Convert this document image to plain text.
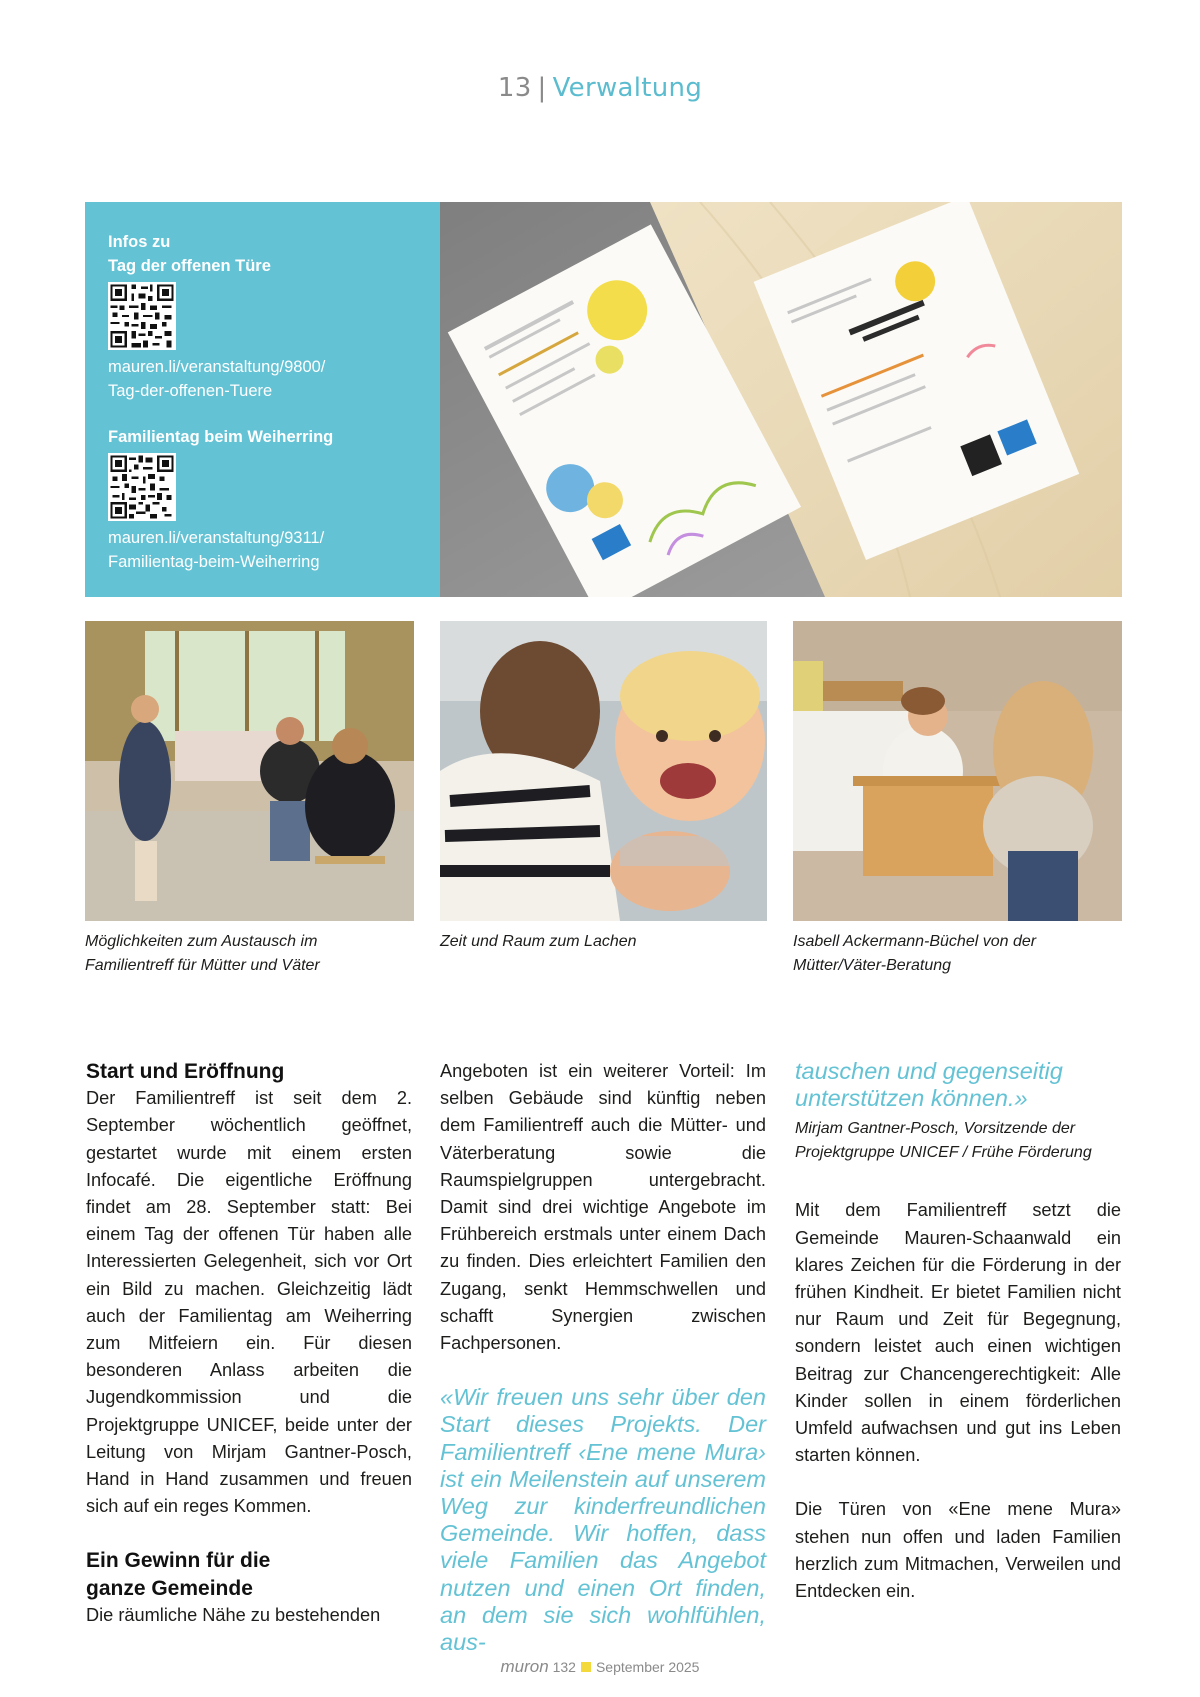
13 | Verwaltung
Infos zu
Tag der offenen Türe
mauren.li/veranstaltung/9800/
Tag-der-offenen-Tuere
Familientag beim Weiherring
mauren.li/veranstaltung/9311/
Familientag-beim-Weiherring
Möglichkeiten zum Austausch im
Familientreff für Mütter und Väter
Zeit und Raum zum Lachen	Isabell Ackermann-Büchel von der
Mütter/Väter-Beratung
Start und Eröffnung

Der Familientreff ist seit dem 2. September wöchentlich geöffnet, gestartet wurde mit einem ersten Infocafé. Die eigentliche Eröffnung findet am 28. September statt: Bei einem Tag der offenen Tür haben alle Interessierten Gelegenheit, sich vor Ort ein Bild zu machen. Gleichzeitig lädt auch der Familientag am Weiherring zum Mitfeiern ein. Für diesen besonderen Anlass arbeiten die Jugendkommission und die Projektgruppe UNICEF, beide unter der Leitung von Mirjam Gantner-Posch, Hand in Hand zusammen und freuen sich auf ein reges Kommen.

Ein Gewinn für die
ganze Gemeinde

Die räumliche Nähe zu bestehenden

Angeboten ist ein weiterer Vorteil: Im selben Gebäude sind künftig neben dem Familientreff auch die Mütter- und Väterberatung sowie die Raumspielgruppen untergebracht. Damit sind drei wichtige Angebote im Frühbereich erstmals unter einem Dach zu finden. Dies erleichtert Familien den Zugang, senkt Hemmschwellen und schafft Synergien zwischen Fachpersonen.

«Wir freuen uns sehr über den Start dieses Projekts. Der Familientreff ‹Ene mene Mura› ist ein Meilenstein auf unserem Weg zur kinderfreundlichen Gemeinde. Wir hoffen, dass viele Familien das Angebot nutzen und einen Ort finden, an dem sie sich wohlfühlen, aus-
tauschen und gegenseitig unterstützen können.»
Mirjam Gantner-Posch, Vorsitzende der
Projektgruppe UNICEF / Frühe Förderung

Mit dem Familientreff setzt die Gemeinde Mauren-Schaanwald ein klares Zeichen für die Förderung in der frühen Kindheit. Er bietet Familien nicht nur Raum und Zeit für Begegnung, sondern leistet auch einen wichtigen Beitrag zur Chancengerechtigkeit: Alle Kinder sollen in einem förderlichen Umfeld aufwachsen und gut ins Leben starten können.

Die Türen von «Ene mene Mura» stehen nun offen und laden Familien herzlich zum Mitmachen, Verweilen und Entdecken ein.

muron 132 September 2025
